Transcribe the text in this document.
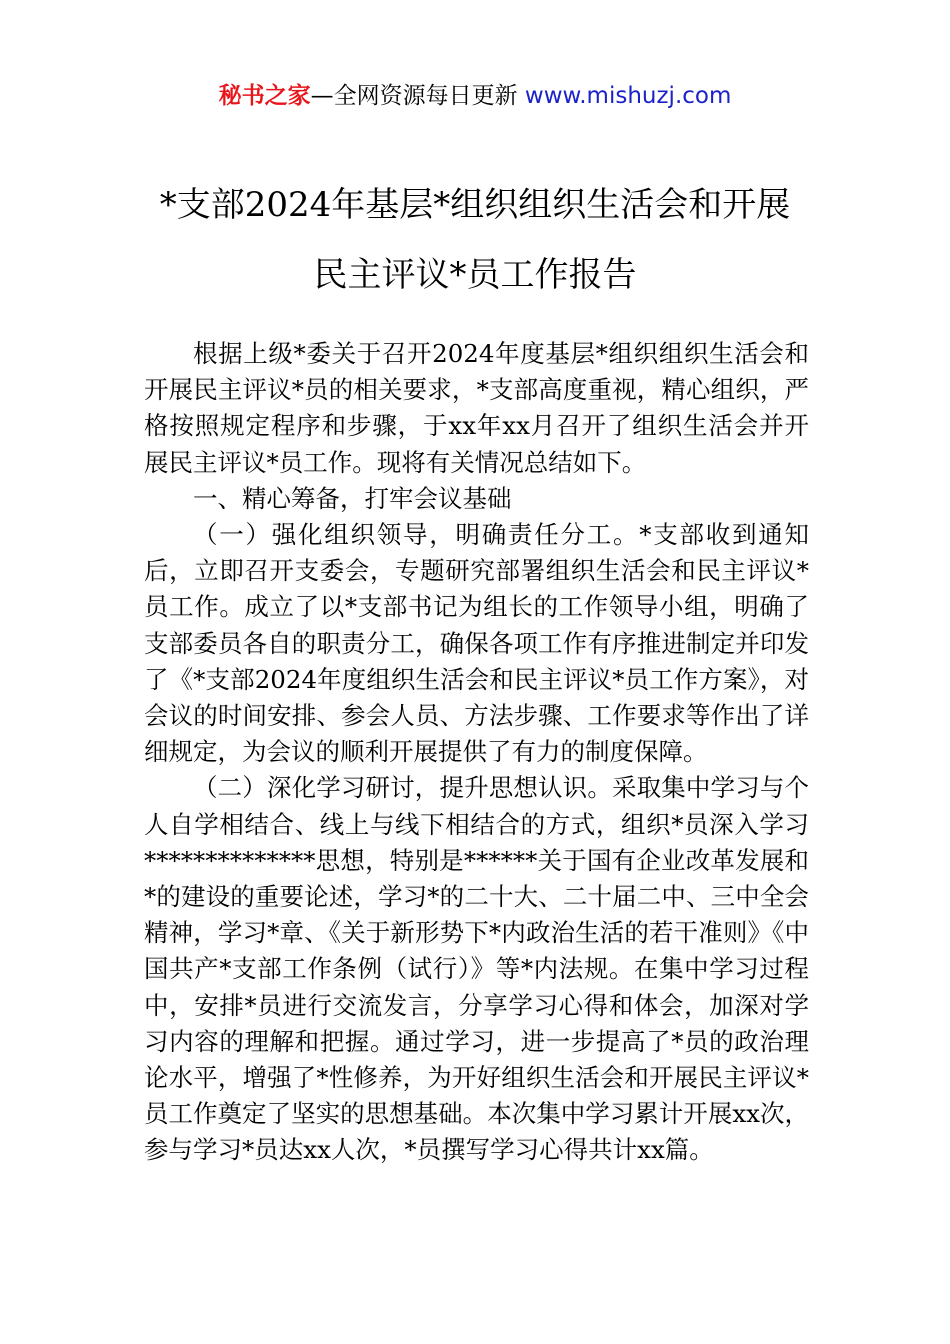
秘书之家—全网资源每日更新 www.mishuzj.com
*支部2024年基层*组织组织生活会和开展
民主评议*员工作报告

根据上级*委关于召开2024年度基层*组织组织生活会和开展民主评议*员的相关要求，*支部高度重视，精心组织，严格按照规定程序和步骤，于xx年xx月召开了组织生活会并开展民主评议*员工作。现将有关情况总结如下。

一、精心筹备，打牢会议基础

（一）强化组织领导，明确责任分工。*支部收到通知后，立即召开支委会，专题研究部署组织生活会和民主评议*员工作。成立了以*支部书记为组长的工作领导小组，明确了支部委员各自的职责分工，确保各项工作有序推进制定并印发了《*支部2024年度组织生活会和民主评议*员工作方案》，对会议的时间安排、参会人员、方法步骤、工作要求等作出了详细规定，为会议的顺利开展提供了有力的制度保障。

（二）深化学习研讨，提升思想认识。采取集中学习与个人自学相结合、线上与线下相结合的方式，组织*员深入学习**************思想，特别是******关于国有企业改革发展和*的建设的重要论述，学习*的二十大、二十届二中、三中全会精神，学习*章、《关于新形势下*内政治生活的若干准则》《中国共产*支部工作条例（试行）》等*内法规。在集中学习过程中，安排*员进行交流发言，分享学习心得和体会，加深对学习内容的理解和把握。通过学习，进一步提高了*员的政治理论水平，增强了*性修养，为开好组织生活会和开展民主评议*员工作奠定了坚实的思想基础。本次集中学习累计开展xx次，参与学习*员达xx人次，*员撰写学习心得共计xx篇。
